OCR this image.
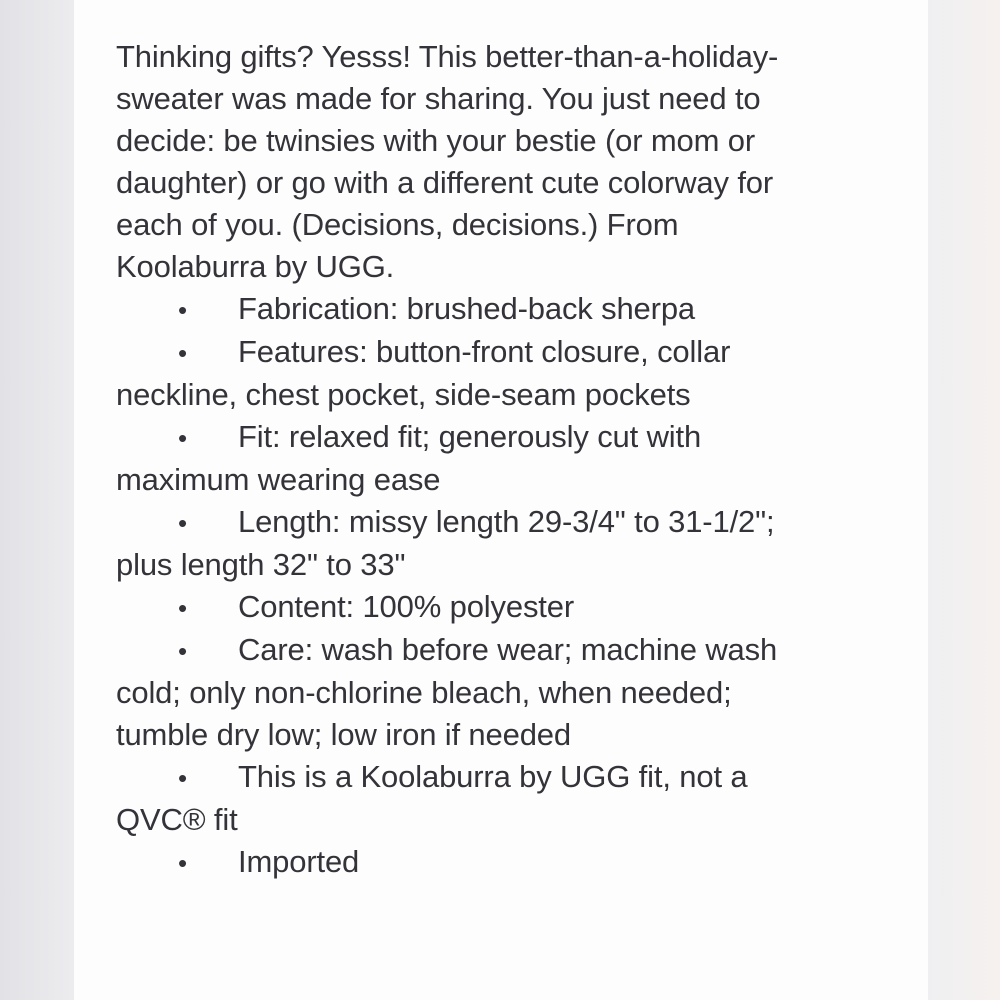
Thinking gifts? Yesss! This better-than-a-holiday-
sweater was made for sharing. You just need to
decide: be twinsies with your bestie (or mom or
daughter) or go with a different cute colorway for
each of you. (Decisions, decisions.) From
Koolaburra by UGG.
• Fabrication: brushed-back sherpa
• Features: button-front closure, collar
neckline, chest pocket, side-seam pockets
• Fit: relaxed fit; generously cut with
maximum wearing ease
• Length: missy length 29-3/4" to 31-1/2";
plus length 32" to 33"
• Content: 100% polyester
• Care: wash before wear; machine wash
cold; only non-chlorine bleach, when needed;
tumble dry low; low iron if needed
• This is a Koolaburra by UGG fit, not a
QVC® fit
• Imported
